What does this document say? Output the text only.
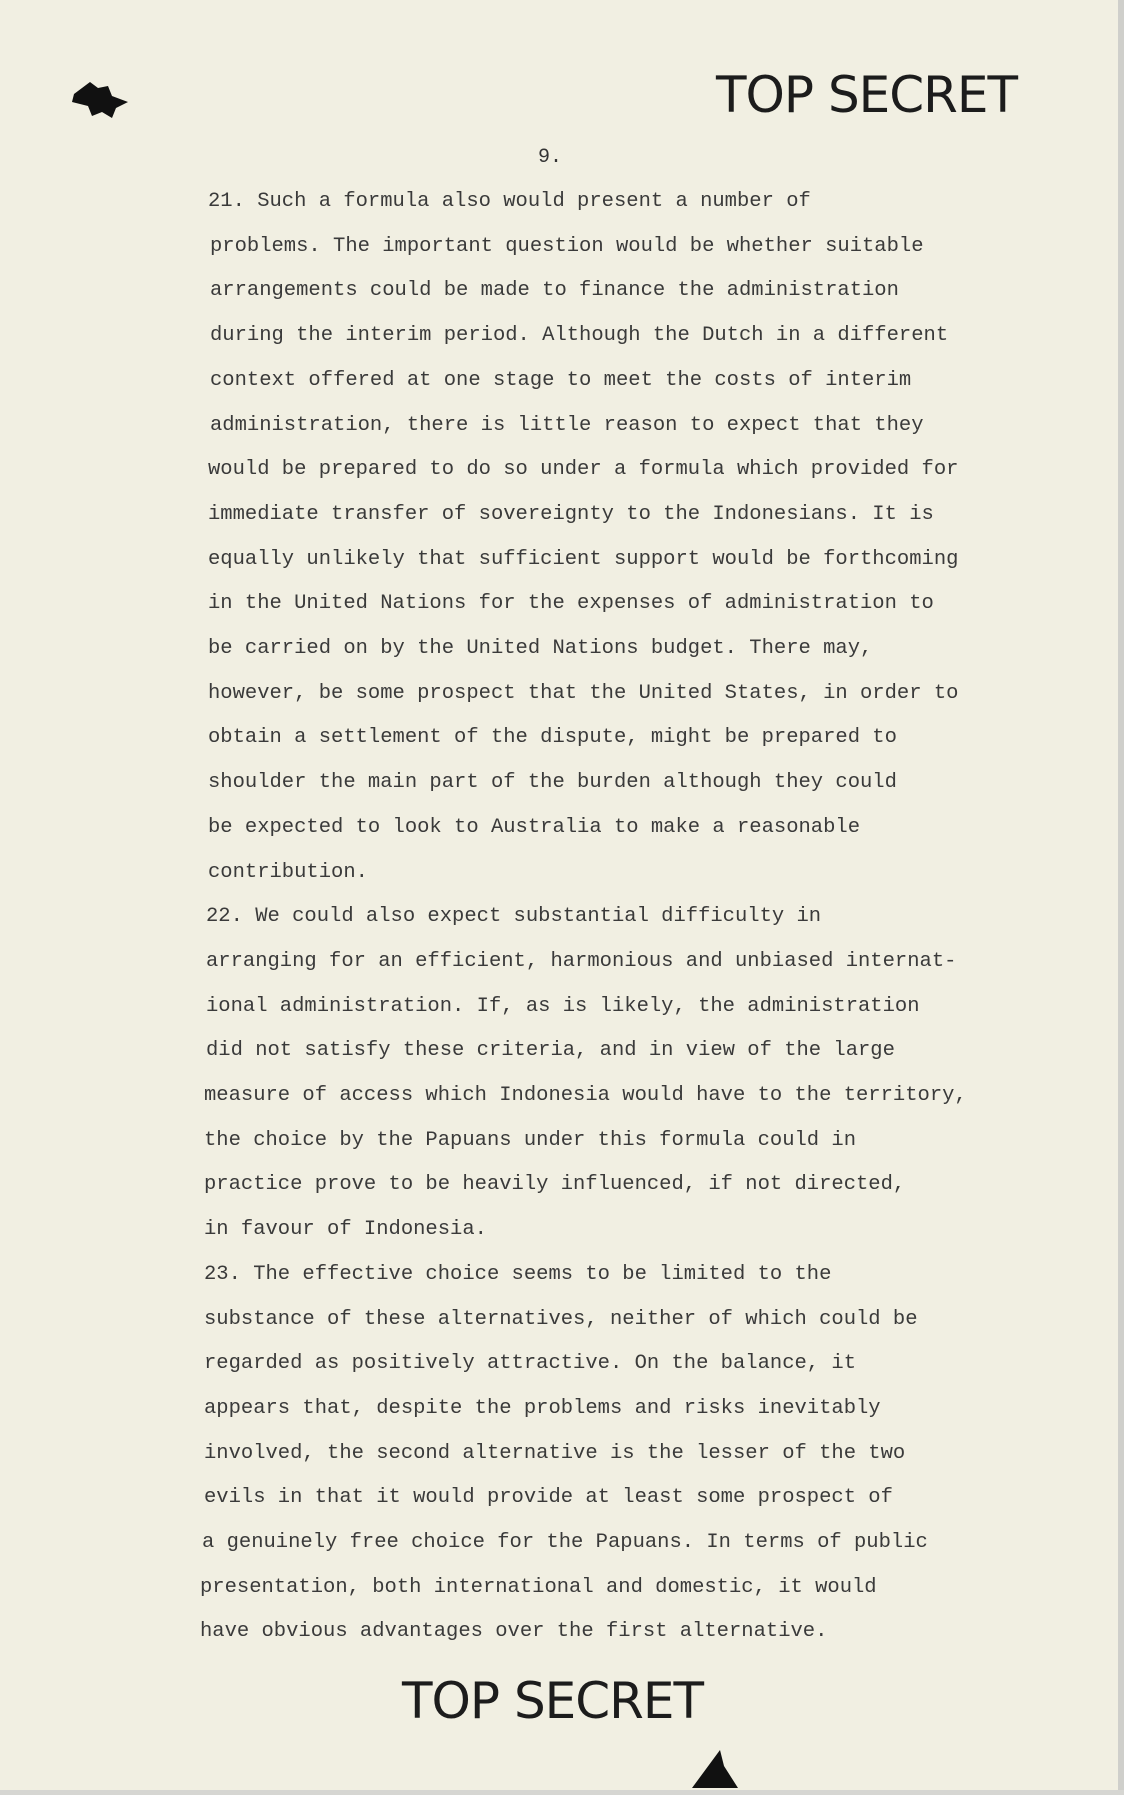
TOP SECRET
9.
21. Such a formula also would present a number of
problems. The important question would be whether suitable
arrangements could be made to finance the administration
during the interim period. Although the Dutch in a different
context offered at one stage to meet the costs of interim
administration, there is little reason to expect that they
would be prepared to do so under a formula which provided for
immediate transfer of sovereignty to the Indonesians. It is
equally unlikely that sufficient support would be forthcoming
in the United Nations for the expenses of administration to
be carried on by the United Nations budget. There may,
however, be some prospect that the United States, in order to
obtain a settlement of the dispute, might be prepared to
shoulder the main part of the burden although they could
be expected to look to Australia to make a reasonable
contribution.
22. We could also expect substantial difficulty in
arranging for an efficient, harmonious and unbiased internat-
ional administration. If, as is likely, the administration
did not satisfy these criteria, and in view of the large
measure of access which Indonesia would have to the territory,
the choice by the Papuans under this formula could in
practice prove to be heavily influenced, if not directed,
in favour of Indonesia.
23. The effective choice seems to be limited to the
substance of these alternatives, neither of which could be
regarded as positively attractive. On the balance, it
appears that, despite the problems and risks inevitably
involved, the second alternative is the lesser of the two
evils in that it would provide at least some prospect of
a genuinely free choice for the Papuans. In terms of public
presentation, both international and domestic, it would
have obvious advantages over the first alternative.
TOP SECRET
